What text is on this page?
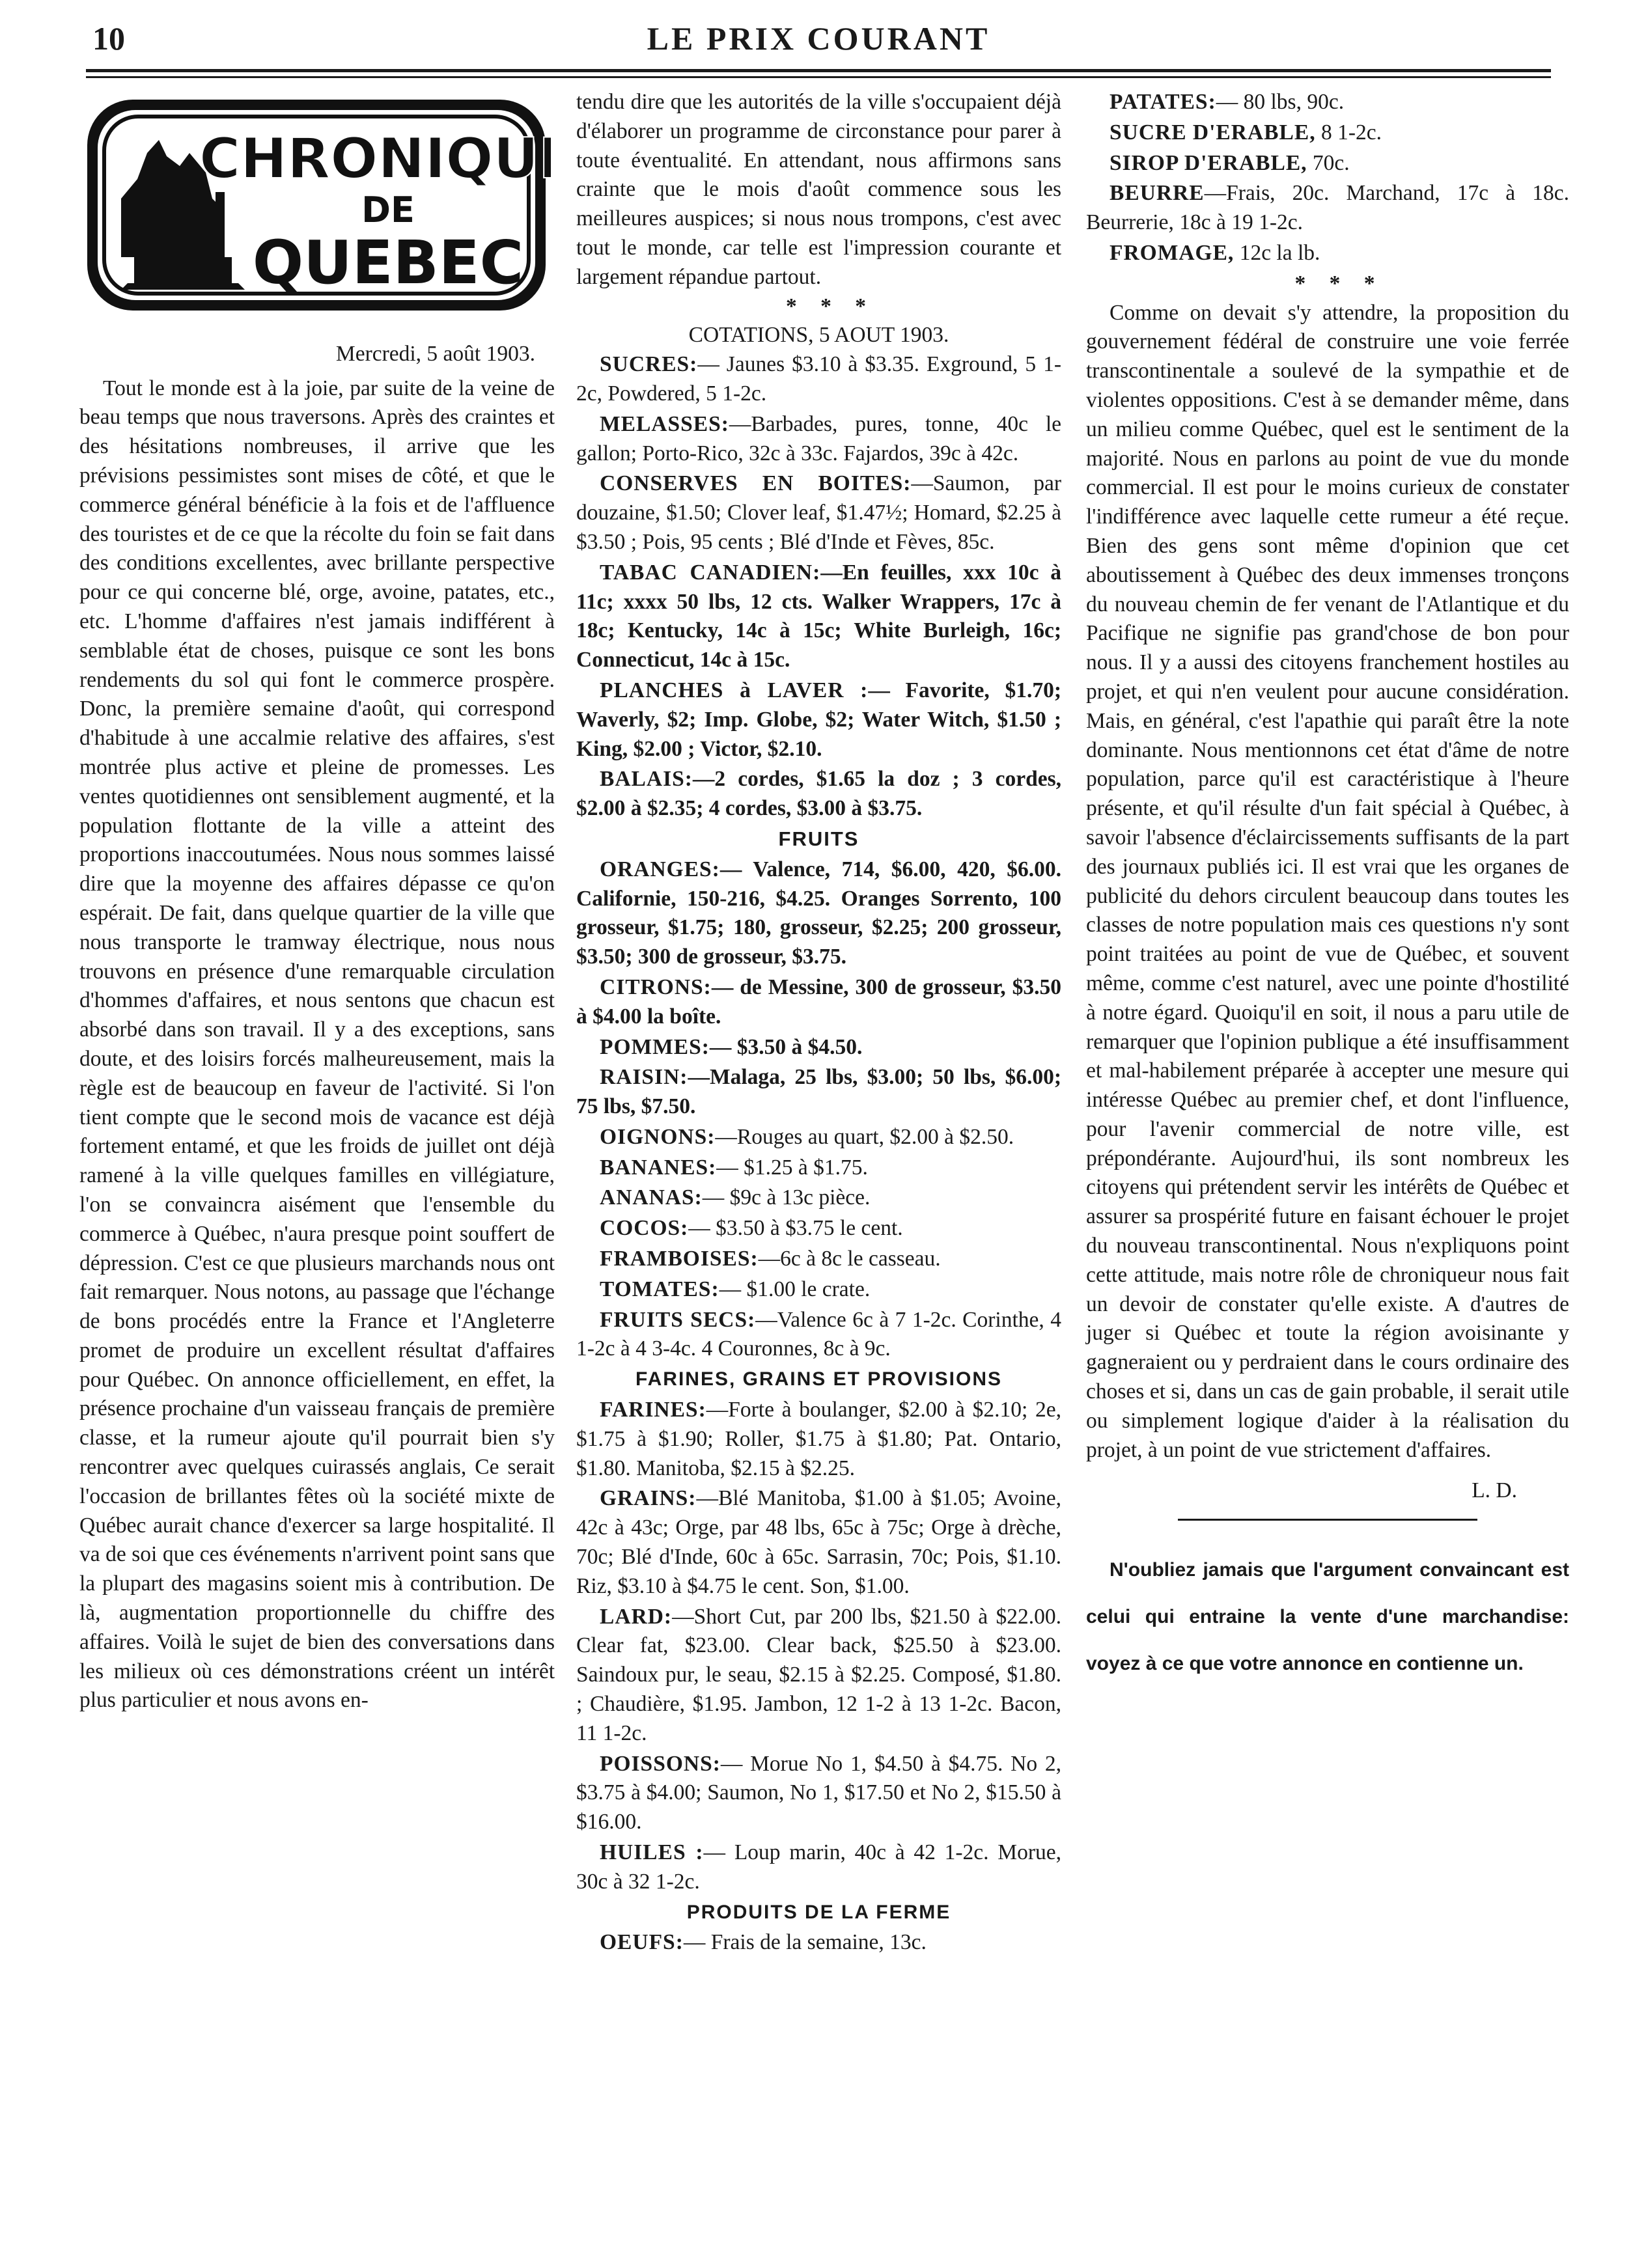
10	LE PRIX COURANT
CHRONIQUE
DE
QUEBEC

Mercredi, 5 août 1903.

Tout le monde est à la joie, par suite de la veine de beau temps que nous traversons. Après des craintes et des hésitations nombreuses, il arrive que les prévisions pessimistes sont mises de côté, et que le commerce général bénéficie à la fois et de l'affluence des touristes et de ce que la récolte du foin se fait dans des conditions excellentes, avec brillante perspective pour ce qui concerne blé, orge, avoine, patates, etc., etc. L'homme d'affaires n'est jamais indifférent à semblable état de choses, puisque ce sont les bons rendements du sol qui font le commerce prospère. Donc, la première semaine d'août, qui correspond d'habitude à une accalmie relative des affaires, s'est montrée plus active et pleine de promesses. Les ventes quotidiennes ont sensiblement augmenté, et la population flottante de la ville a atteint des proportions inaccoutumées. Nous nous sommes laissé dire que la moyenne des affaires dépasse ce qu'on espérait. De fait, dans quelque quartier de la ville que nous transporte le tramway électrique, nous nous trouvons en présence d'une remarquable circulation d'hommes d'affaires, et nous sentons que chacun est absorbé dans son travail. Il y a des exceptions, sans doute, et des loisirs forcés malheureusement, mais la règle est de beaucoup en faveur de l'activité. Si l'on tient compte que le second mois de vacance est déjà fortement entamé, et que les froids de juillet ont déjà ramené à la ville quelques familles en villégiature, l'on se convaincra aisément que l'ensemble du commerce à Québec, n'aura presque point souffert de dépression. C'est ce que plusieurs marchands nous ont fait remarquer. Nous notons, au passage que l'échange de bons procédés entre la France et l'Angleterre promet de produire un excellent résultat d'affaires pour Québec. On annonce officiellement, en effet, la présence prochaine d'un vaisseau français de première classe, et la rumeur ajoute qu'il pourrait bien s'y rencontrer avec quelques cuirassés anglais, Ce serait l'occasion de brillantes fêtes où la société mixte de Québec aurait chance d'exercer sa large hospitalité. Il va de soi que ces événements n'arrivent point sans que la plupart des magasins soient mis à contribution. De là, augmentation proportionnelle du chiffre des affaires. Voilà le sujet de bien des conversations dans les milieux où ces démonstrations créent un intérêt plus particulier et nous avons en-

tendu dire que les autorités de la ville s'occupaient déjà d'élaborer un programme de circonstance pour parer à toute éventualité. En attendant, nous affirmons sans crainte que le mois d'août commence sous les meilleures auspices; si nous nous trompons, c'est avec tout le monde, car telle est l'impression courante et largement répandue partout.

* * *

COTATIONS, 5 AOUT 1903.

SUCRES:— Jaunes $3.10 à $3.35. Exground, 5 1-2c, Powdered, 5 1-2c.

MELASSES:—Barbades, pures, tonne, 40c le gallon; Porto-Rico, 32c à 33c. Fajardos, 39c à 42c.

CONSERVES EN BOITES:—Saumon, par douzaine, $1.50; Clover leaf, $1.47½; Homard, $2.25 à $3.50 ; Pois, 95 cents ; Blé d'Inde et Fèves, 85c.

TABAC CANADIEN:—En feuilles, xxx 10c à 11c; xxxx 50 lbs, 12 cts. Walker Wrappers, 17c à 18c; Kentucky, 14c à 15c; White Burleigh, 16c; Connecticut, 14c à 15c.

PLANCHES à LAVER :— Favorite, $1.70; Waverly, $2; Imp. Globe, $2; Water Witch, $1.50 ; King, $2.00 ; Victor, $2.10.

BALAIS:—2 cordes, $1.65 la doz ; 3 cordes, $2.00 à $2.35; 4 cordes, $3.00 à $3.75.

FRUITS

ORANGES:— Valence, 714, $6.00, 420, $6.00. Californie, 150-216, $4.25. Oranges Sorrento, 100 grosseur, $1.75; 180, grosseur, $2.25; 200 grosseur, $3.50; 300 de grosseur, $3.75.

CITRONS:— de Messine, 300 de grosseur, $3.50 à $4.00 la boîte.

POMMES:— $3.50 à $4.50.

RAISIN:—Malaga, 25 lbs, $3.00; 50 lbs, $6.00; 75 lbs, $7.50.

OIGNONS:—Rouges au quart, $2.00 à $2.50.

BANANES:— $1.25 à $1.75.

ANANAS:— $9c à 13c pièce.

COCOS:— $3.50 à $3.75 le cent.

FRAMBOISES:—6c à 8c le casseau.

TOMATES:— $1.00 le crate.

FRUITS SECS:—Valence 6c à 7 1-2c. Corinthe, 4 1-2c à 4 3-4c. 4 Couronnes, 8c à 9c.

FARINES, GRAINS ET PROVISIONS

FARINES:—Forte à boulanger, $2.00 à $2.10; 2e, $1.75 à $1.90; Roller, $1.75 à $1.80; Pat. Ontario, $1.80. Manitoba, $2.15 à $2.25.

GRAINS:—Blé Manitoba, $1.00 à $1.05; Avoine, 42c à 43c; Orge, par 48 lbs, 65c à 75c; Orge à drèche, 70c; Blé d'Inde, 60c à 65c. Sarrasin, 70c; Pois, $1.10. Riz, $3.10 à $4.75 le cent. Son, $1.00.

LARD:—Short Cut, par 200 lbs, $21.50 à $22.00. Clear fat, $23.00. Clear back, $25.50 à $23.00. Saindoux pur, le seau, $2.15 à $2.25. Composé, $1.80. ; Chaudière, $1.95. Jambon, 12 1-2 à 13 1-2c. Bacon, 11 1-2c.

POISSONS:— Morue No 1, $4.50 à $4.75. No 2, $3.75 à $4.00; Saumon, No 1, $17.50 et No 2, $15.50 à $16.00.

HUILES :— Loup marin, 40c à 42 1-2c. Morue, 30c à 32 1-2c.

PRODUITS DE LA FERME

OEUFS:— Frais de la semaine, 13c.

PATATES:— 80 lbs, 90c.

SUCRE D'ERABLE, 8 1-2c.

SIROP D'ERABLE, 70c.

BEURRE—Frais, 20c. Marchand, 17c à 18c. Beurrerie, 18c à 19 1-2c.

FROMAGE, 12c la lb.

* * *

Comme on devait s'y attendre, la proposition du gouvernement fédéral de construire une voie ferrée transcontinentale a soulevé de la sympathie et de violentes oppositions. C'est à se demander même, dans un milieu comme Québec, quel est le sentiment de la majorité. Nous en parlons au point de vue du monde commercial. Il est pour le moins curieux de constater l'indifférence avec laquelle cette rumeur a été reçue. Bien des gens sont même d'opinion que cet aboutissement à Québec des deux immenses tronçons du nouveau chemin de fer venant de l'Atlantique et du Pacifique ne signifie pas grand'chose de bon pour nous. Il y a aussi des citoyens franchement hostiles au projet, et qui n'en veulent pour aucune considération. Mais, en général, c'est l'apathie qui paraît être la note dominante. Nous mentionnons cet état d'âme de notre population, parce qu'il est caractéristique à l'heure présente, et qu'il résulte d'un fait spécial à Québec, à savoir l'absence d'éclaircissements suffisants de la part des journaux publiés ici. Il est vrai que les organes de publicité du dehors circulent beaucoup dans toutes les classes de notre population mais ces questions n'y sont point traitées au point de vue de Québec, et souvent même, comme c'est naturel, avec une pointe d'hostilité à notre égard. Quoiqu'il en soit, il nous a paru utile de remarquer que l'opinion publique a été insuffisamment et mal-habilement préparée à accepter une mesure qui intéresse Québec au premier chef, et dont l'influence, pour l'avenir commercial de notre ville, est prépondérante. Aujourd'hui, ils sont nombreux les citoyens qui prétendent servir les intérêts de Québec et assurer sa prospérité future en faisant échouer le projet du nouveau transcontinental. Nous n'expliquons point cette attitude, mais notre rôle de chroniqueur nous fait un devoir de constater qu'elle existe. A d'autres de juger si Québec et toute la région avoisinante y gagneraient ou y perdraient dans le cours ordinaire des choses et si, dans un cas de gain probable, il serait utile ou simplement logique d'aider à la réalisation du projet, à un point de vue strictement d'affaires.

L. D.

N'oubliez jamais que l'argument convaincant est celui qui entraine la vente d'une marchandise: voyez à ce que votre annonce en contienne un.
